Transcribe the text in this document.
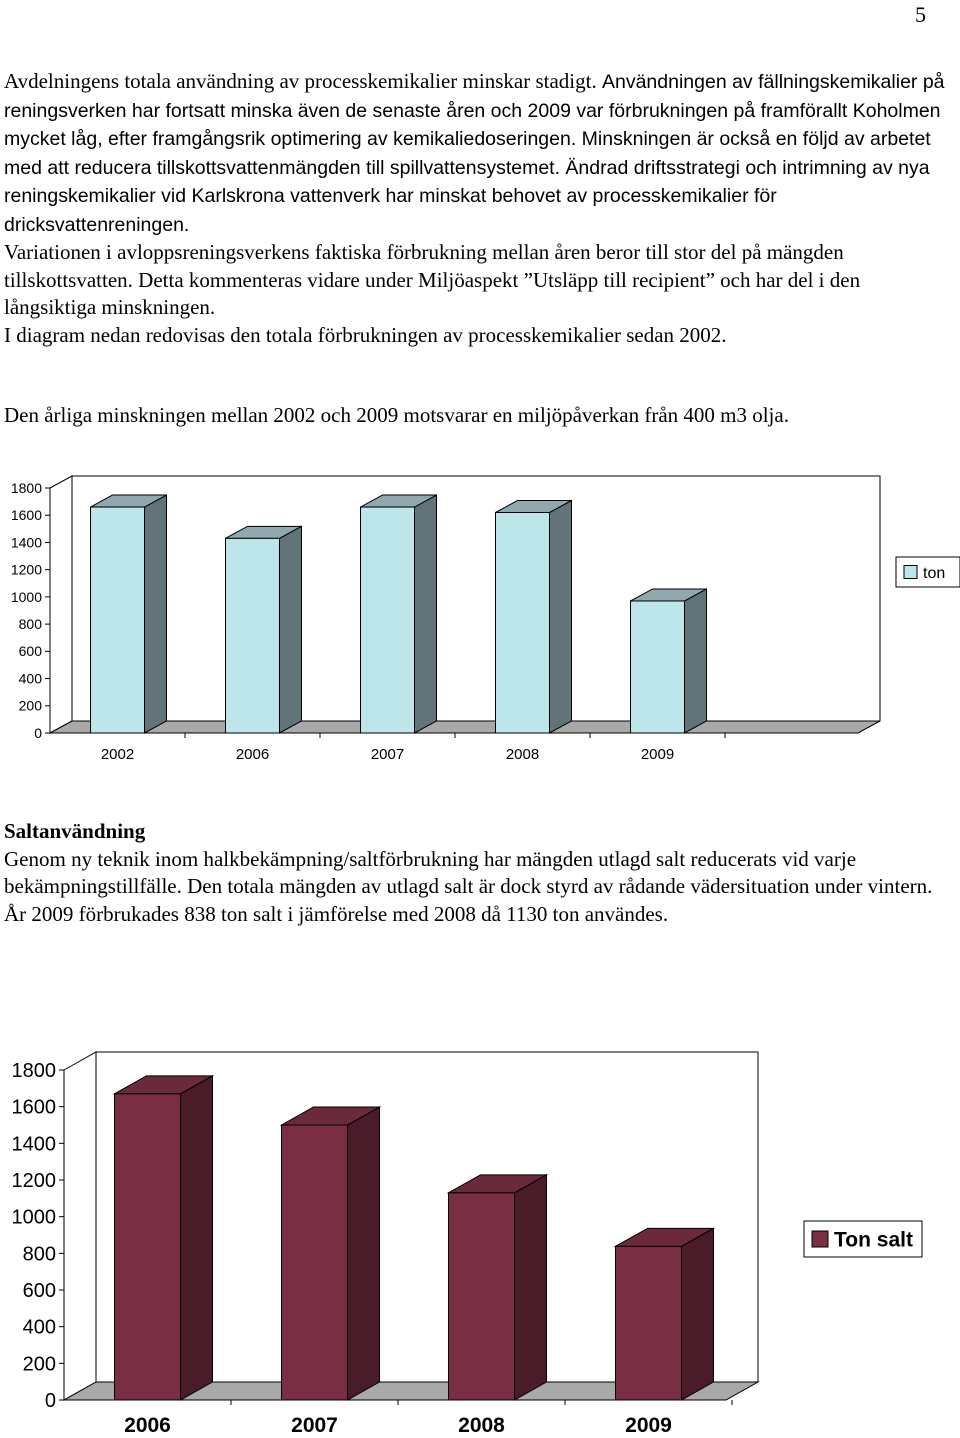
5

Avdelningens totala användning av processkemikalier minskar stadigt. Användningen av fällningskemikalier på reningsverken har fortsatt minska även de senaste åren och 2009 var förbrukningen på framförallt Koholmen mycket låg, efter framgångsrik optimering av kemikaliedoseringen. Minskningen är också en följd av arbetet med att reducera tillskottsvattenmängden till spillvattensystemet. Ändrad driftsstrategi och intrimning av nya reningskemikalier vid Karlskrona vattenverk har minskat behovet av processkemikalier för dricksvattenreningen.

Variationen i avloppsreningsverkens faktiska förbrukning mellan åren beror till stor del på mängden tillskottsvatten. Detta kommenteras vidare under Miljöaspekt ”Utsläpp till recipient” och har del i den långsiktiga minskningen.

I diagram nedan redovisas den totala förbrukningen av processkemikalier sedan 2002.

Den årliga minskningen mellan 2002 och 2009 motsvarar en miljöpåverkan från 400 m3 olja.

0
200
400
600
800
1000
1200
1400
1600
1800
2002	2006	2007	2008	2009
ton

Saltanvändning

Genom ny teknik inom halkbekämpning/saltförbrukning har mängden utlagd salt reducerats vid varje bekämpningstillfälle. Den totala mängden av utlagd salt är dock styrd av rådande vädersituation under vintern. År 2009 förbrukades 838 ton salt i jämförelse med 2008 då 1130 ton användes.

0
200
400
600
800
1000
1200
1400
1600
1800
2006	2007	2008	2009
Ton salt
